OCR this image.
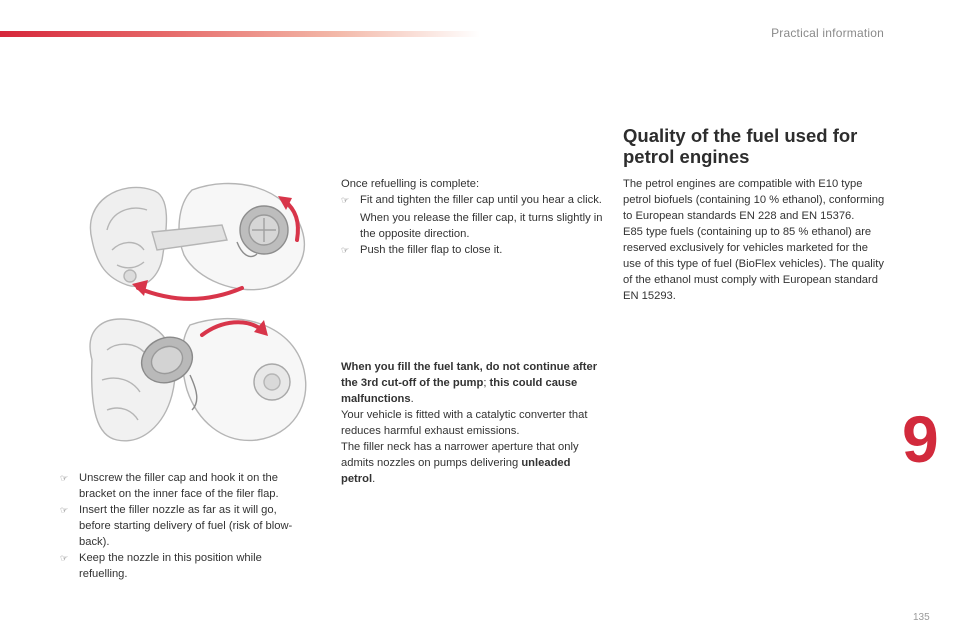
Practical information
☞ Unscrew the filler cap and hook it on the bracket on the inner face of the filer flap.
☞ Insert the filler nozzle as far as it will go, before starting delivery of fuel (risk of blow-back).
☞ Keep the nozzle in this position while refuelling.
Once refuelling is complete:
☞ Fit and tighten the filler cap until you hear a click.
When you release the filler cap, it turns slightly in the opposite direction.
☞ Push the filler flap to close it.
When you fill the fuel tank, do not continue after the 3rd cut-off of the pump; this could cause malfunctions.
Your vehicle is fitted with a catalytic converter that reduces harmful exhaust emissions.
The filler neck has a narrower aperture that only admits nozzles on pumps delivering unleaded petrol.
Quality of the fuel used for petrol engines
The petrol engines are compatible with E10 type petrol biofuels (containing 10 % ethanol), conforming to European standards EN 228 and EN 15376.
E85 type fuels (containing up to 85 % ethanol) are reserved exclusively for vehicles marketed for the use of this type of fuel (BioFlex vehicles). The quality of the ethanol must comply with European standard EN 15293.
9
135
